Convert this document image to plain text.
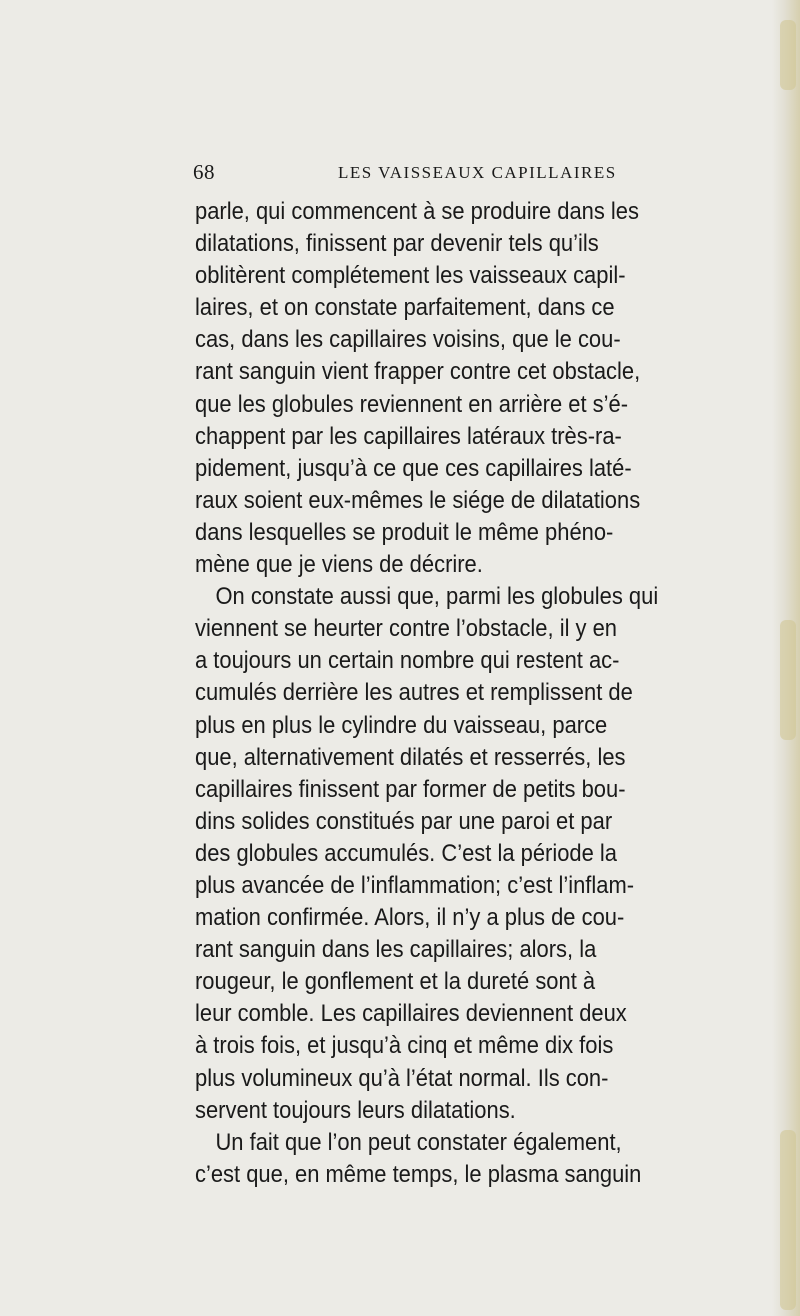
68	LES VAISSEAUX CAPILLAIRES
parle, qui commencent à se produire dans les
dilatations, finissent par devenir tels qu’ils
oblitèrent complétement les vaisseaux capil-
laires, et on constate parfaitement, dans ce
cas, dans les capillaires voisins, que le cou-
rant sanguin vient frapper contre cet obstacle,
que les globules reviennent en arrière et s’é-
chappent par les capillaires latéraux très-ra-
pidement, jusqu’à ce que ces capillaires laté-
raux soient eux-mêmes le siége de dilatations
dans lesquelles se produit le même phéno-
mène que je viens de décrire.
On constate aussi que, parmi les globules qui
viennent se heurter contre l’obstacle, il y en
a toujours un certain nombre qui restent ac-
cumulés derrière les autres et remplissent de
plus en plus le cylindre du vaisseau, parce
que, alternativement dilatés et resserrés, les
capillaires finissent par former de petits bou-
dins solides constitués par une paroi et par
des globules accumulés. C’est la période la
plus avancée de l’inflammation; c’est l’inflam-
mation confirmée. Alors, il n’y a plus de cou-
rant sanguin dans les capillaires; alors, la
rougeur, le gonflement et la dureté sont à
leur comble. Les capillaires deviennent deux
à trois fois, et jusqu’à cinq et même dix fois
plus volumineux qu’à l’état normal. Ils con-
servent toujours leurs dilatations.
Un fait que l’on peut constater également,
c’est que, en même temps, le plasma sanguin
